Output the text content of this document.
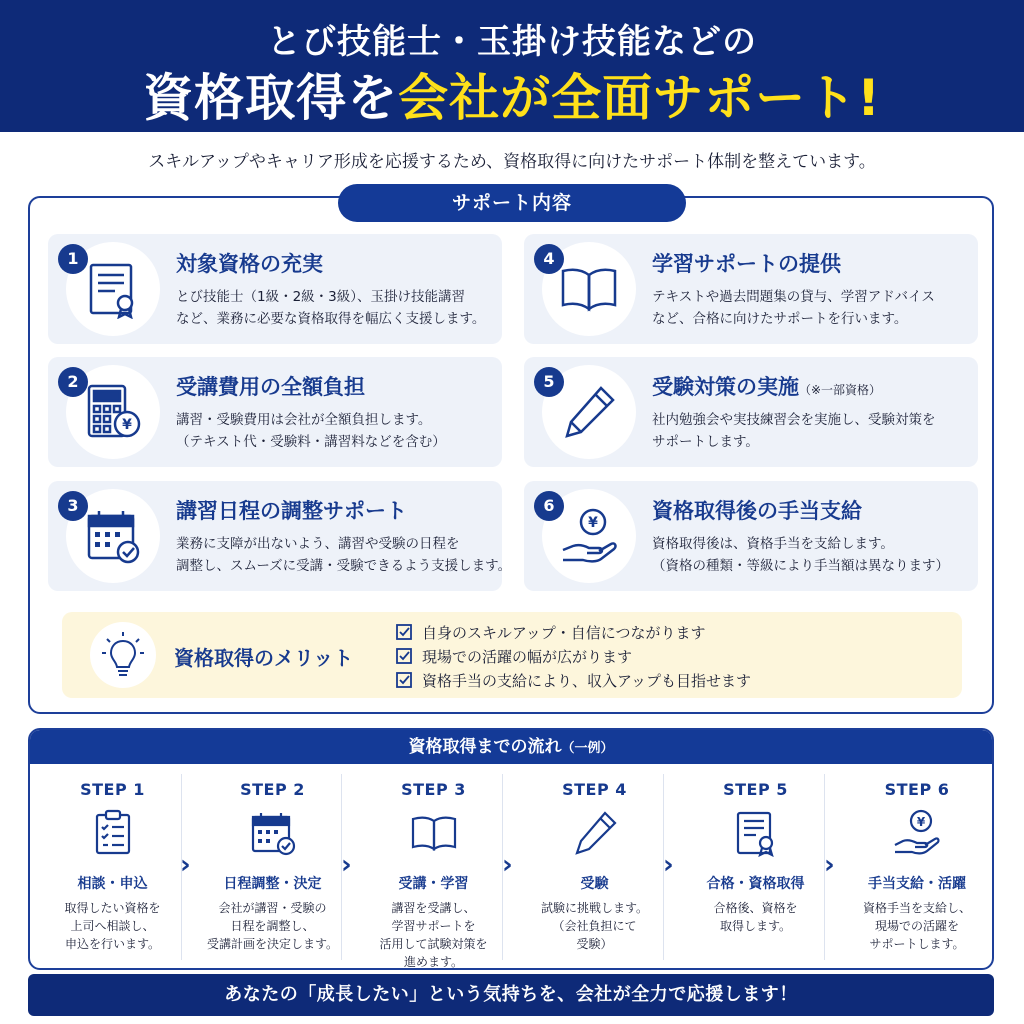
とび技能士・玉掛け技能などの
資格取得を会社が全面サポート!
スキルアップやキャリア形成を応援するため、資格取得に向けたサポート体制を整えています。
サポート内容
1	対象資格の充実
とび技能士（1級・2級・3級）、玉掛け技能講習
など、業務に必要な資格取得を幅広く支援します。
2
¥
受講費用の全額負担
講習・受験費用は会社が全額負担します。
（テキスト代・受験料・講習料などを含む）
3	講習日程の調整サポート
業務に支障が出ないよう、講習や受験の日程を
調整し、スムーズに受講・受験できるよう支援します。
4	学習サポートの提供
テキストや過去問題集の貸与、学習アドバイス
など、合格に向けたサポートを行います。
5	受験対策の実施（※一部資格）
社内勉強会や実技練習会を実施し、受験対策を
サポートします。
6
¥	資格取得後の手当支給
資格取得後は、資格手当を支給します。
（資格の種類・等級により手当額は異なります）
資格取得のメリット
自身のスキルアップ・自信につながります
現場での活躍の幅が広がります
資格手当の支給により、収入アップも目指せます
資格取得までの流れ（一例）
STEP 1
相談・申込
取得したい資格を
上司へ相談し、
申込を行います。
›
STEP 2
日程調整・決定
会社が講習・受験の
日程を調整し、
受講計画を決定します。
›
STEP 3
受講・学習
講習を受講し、
学習サポートを
活用して試験対策を
進めます。
›
STEP 4
受験
試験に挑戦します。
（会社負担にて
受験）
›
STEP 5
合格・資格取得
合格後、資格を
取得します。
›
STEP 6
¥
手当支給・活躍
資格手当を支給し、
現場での活躍を
サポートします。
あなたの「成長したい」という気持ちを、会社が全力で応援します！
